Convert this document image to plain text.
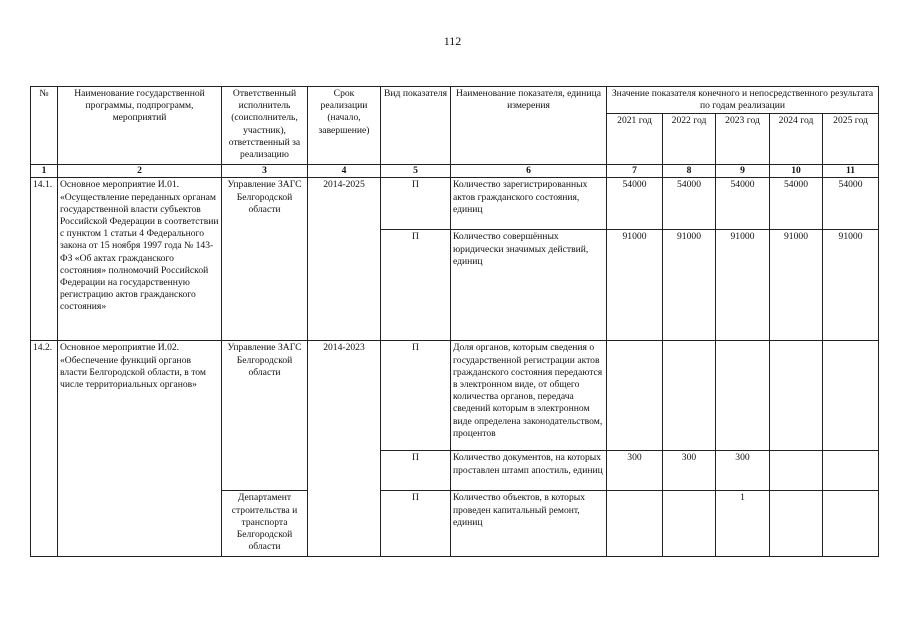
112
№	Наименование государственной программы, подпрограмм, мероприятий	Ответственный исполнитель (соисполнитель, участник), ответственный за реализацию	Срок реализации (начало, завершение)	Вид показателя	Наименование показателя, единица измерения	Значение показателя конечного и непосредственного результата по годам реализации				
						2021 год	2022 год	2023 год	2024 год	2025 год
1	2	3	4	5	6	7	8	9	10	11
14.1.	Основное мероприятие И.01. «Осуществление переданных органам государственной власти субъектов Российской Федерации в соответствии с пунктом 1 статьи 4 Федерального закона от 15 ноября 1997 года № 143-ФЗ «Об актах гражданского состояния» полномочий Российской Федерации на государственную регистрацию актов гражданского состояния»	Управление ЗАГС Белгородской области	2014-2025	П	Количество зарегистрированных актов гражданского состояния, единиц	54000	54000	54000	54000	54000
				П	Количество совершённых юридически значимых действий, единиц	91000	91000	91000	91000	91000
14.2.	Основное мероприятие И.02. «Обеспечение функций органов власти Белгородской области, в том числе территориальных органов»	Управление ЗАГС Белгородской области	2014-2023	П	Доля органов, которым сведения о государственной регистрации актов гражданского состояния передаются в электронном виде, от общего количества органов, передача сведений которым в электронном виде определена законодательством, процентов					
				П	Количество документов, на которых проставлен штамп апостиль, единиц	300	300	300		
		Департамент строительства и транспорта Белгородской области		П	Количество объектов, в которых проведен капитальный ремонт, единиц			1		
